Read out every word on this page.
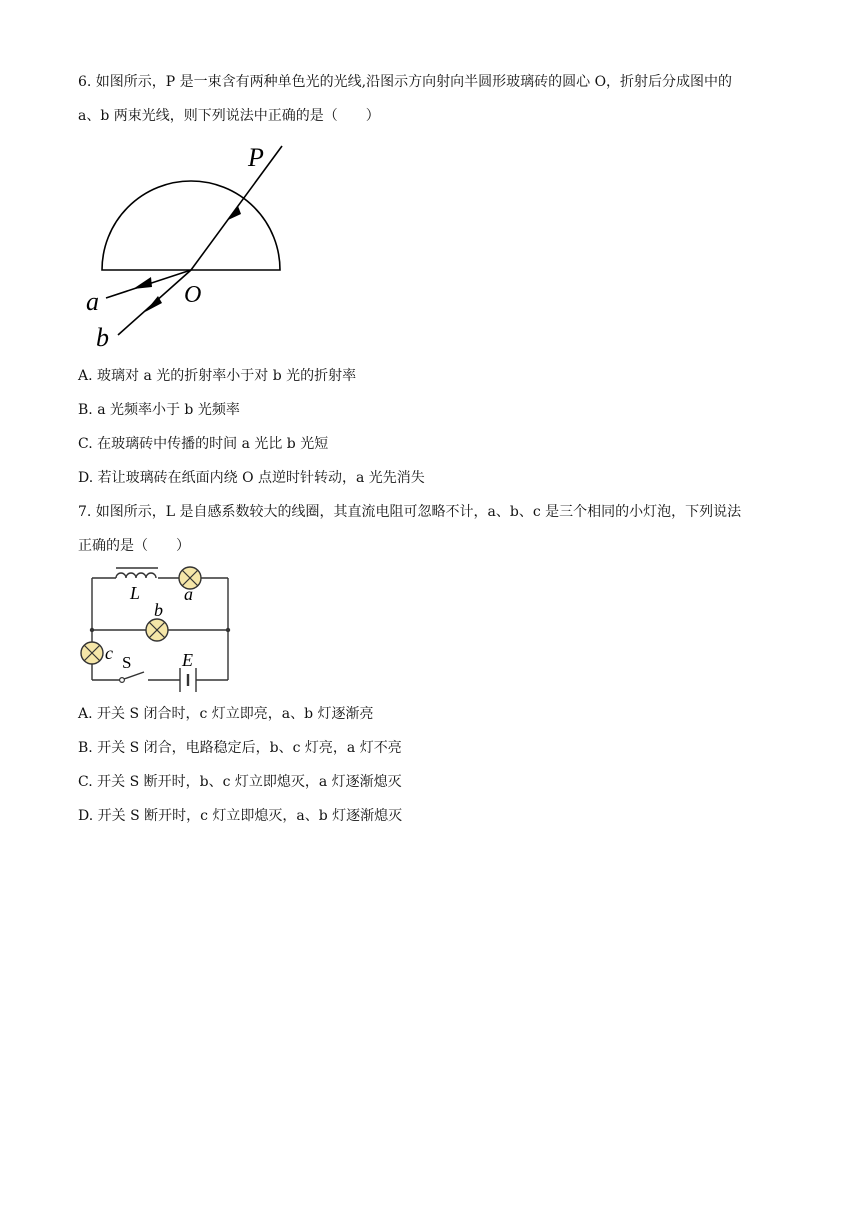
6. 如图所示，P 是一束含有两种单色光的光线,沿图示方向射向半圆形玻璃砖的圆心 O，折射后分成图中的
a、b 两束光线，则下列说法中正确的是（　　）
P
O
a
b
A. 玻璃对 a 光的折射率小于对 b 光的折射率
B. a 光频率小于 b 光频率
C. 在玻璃砖中传播的时间 a 光比 b 光短
D. 若让玻璃砖在纸面内绕 O 点逆时针转动，a 光先消失
7. 如图所示，L 是自感系数较大的线圈，其直流电阻可忽略不计，a、b、c 是三个相同的小灯泡，下列说法
正确的是（　　）
L a
b
c S	E
A. 开关 S 闭合时，c 灯立即亮，a、b 灯逐渐亮
B. 开关 S 闭合，电路稳定后，b、c 灯亮，a 灯不亮
C. 开关 S 断开时，b、c 灯立即熄灭，a 灯逐渐熄灭
D. 开关 S 断开时，c 灯立即熄灭，a、b 灯逐渐熄灭
